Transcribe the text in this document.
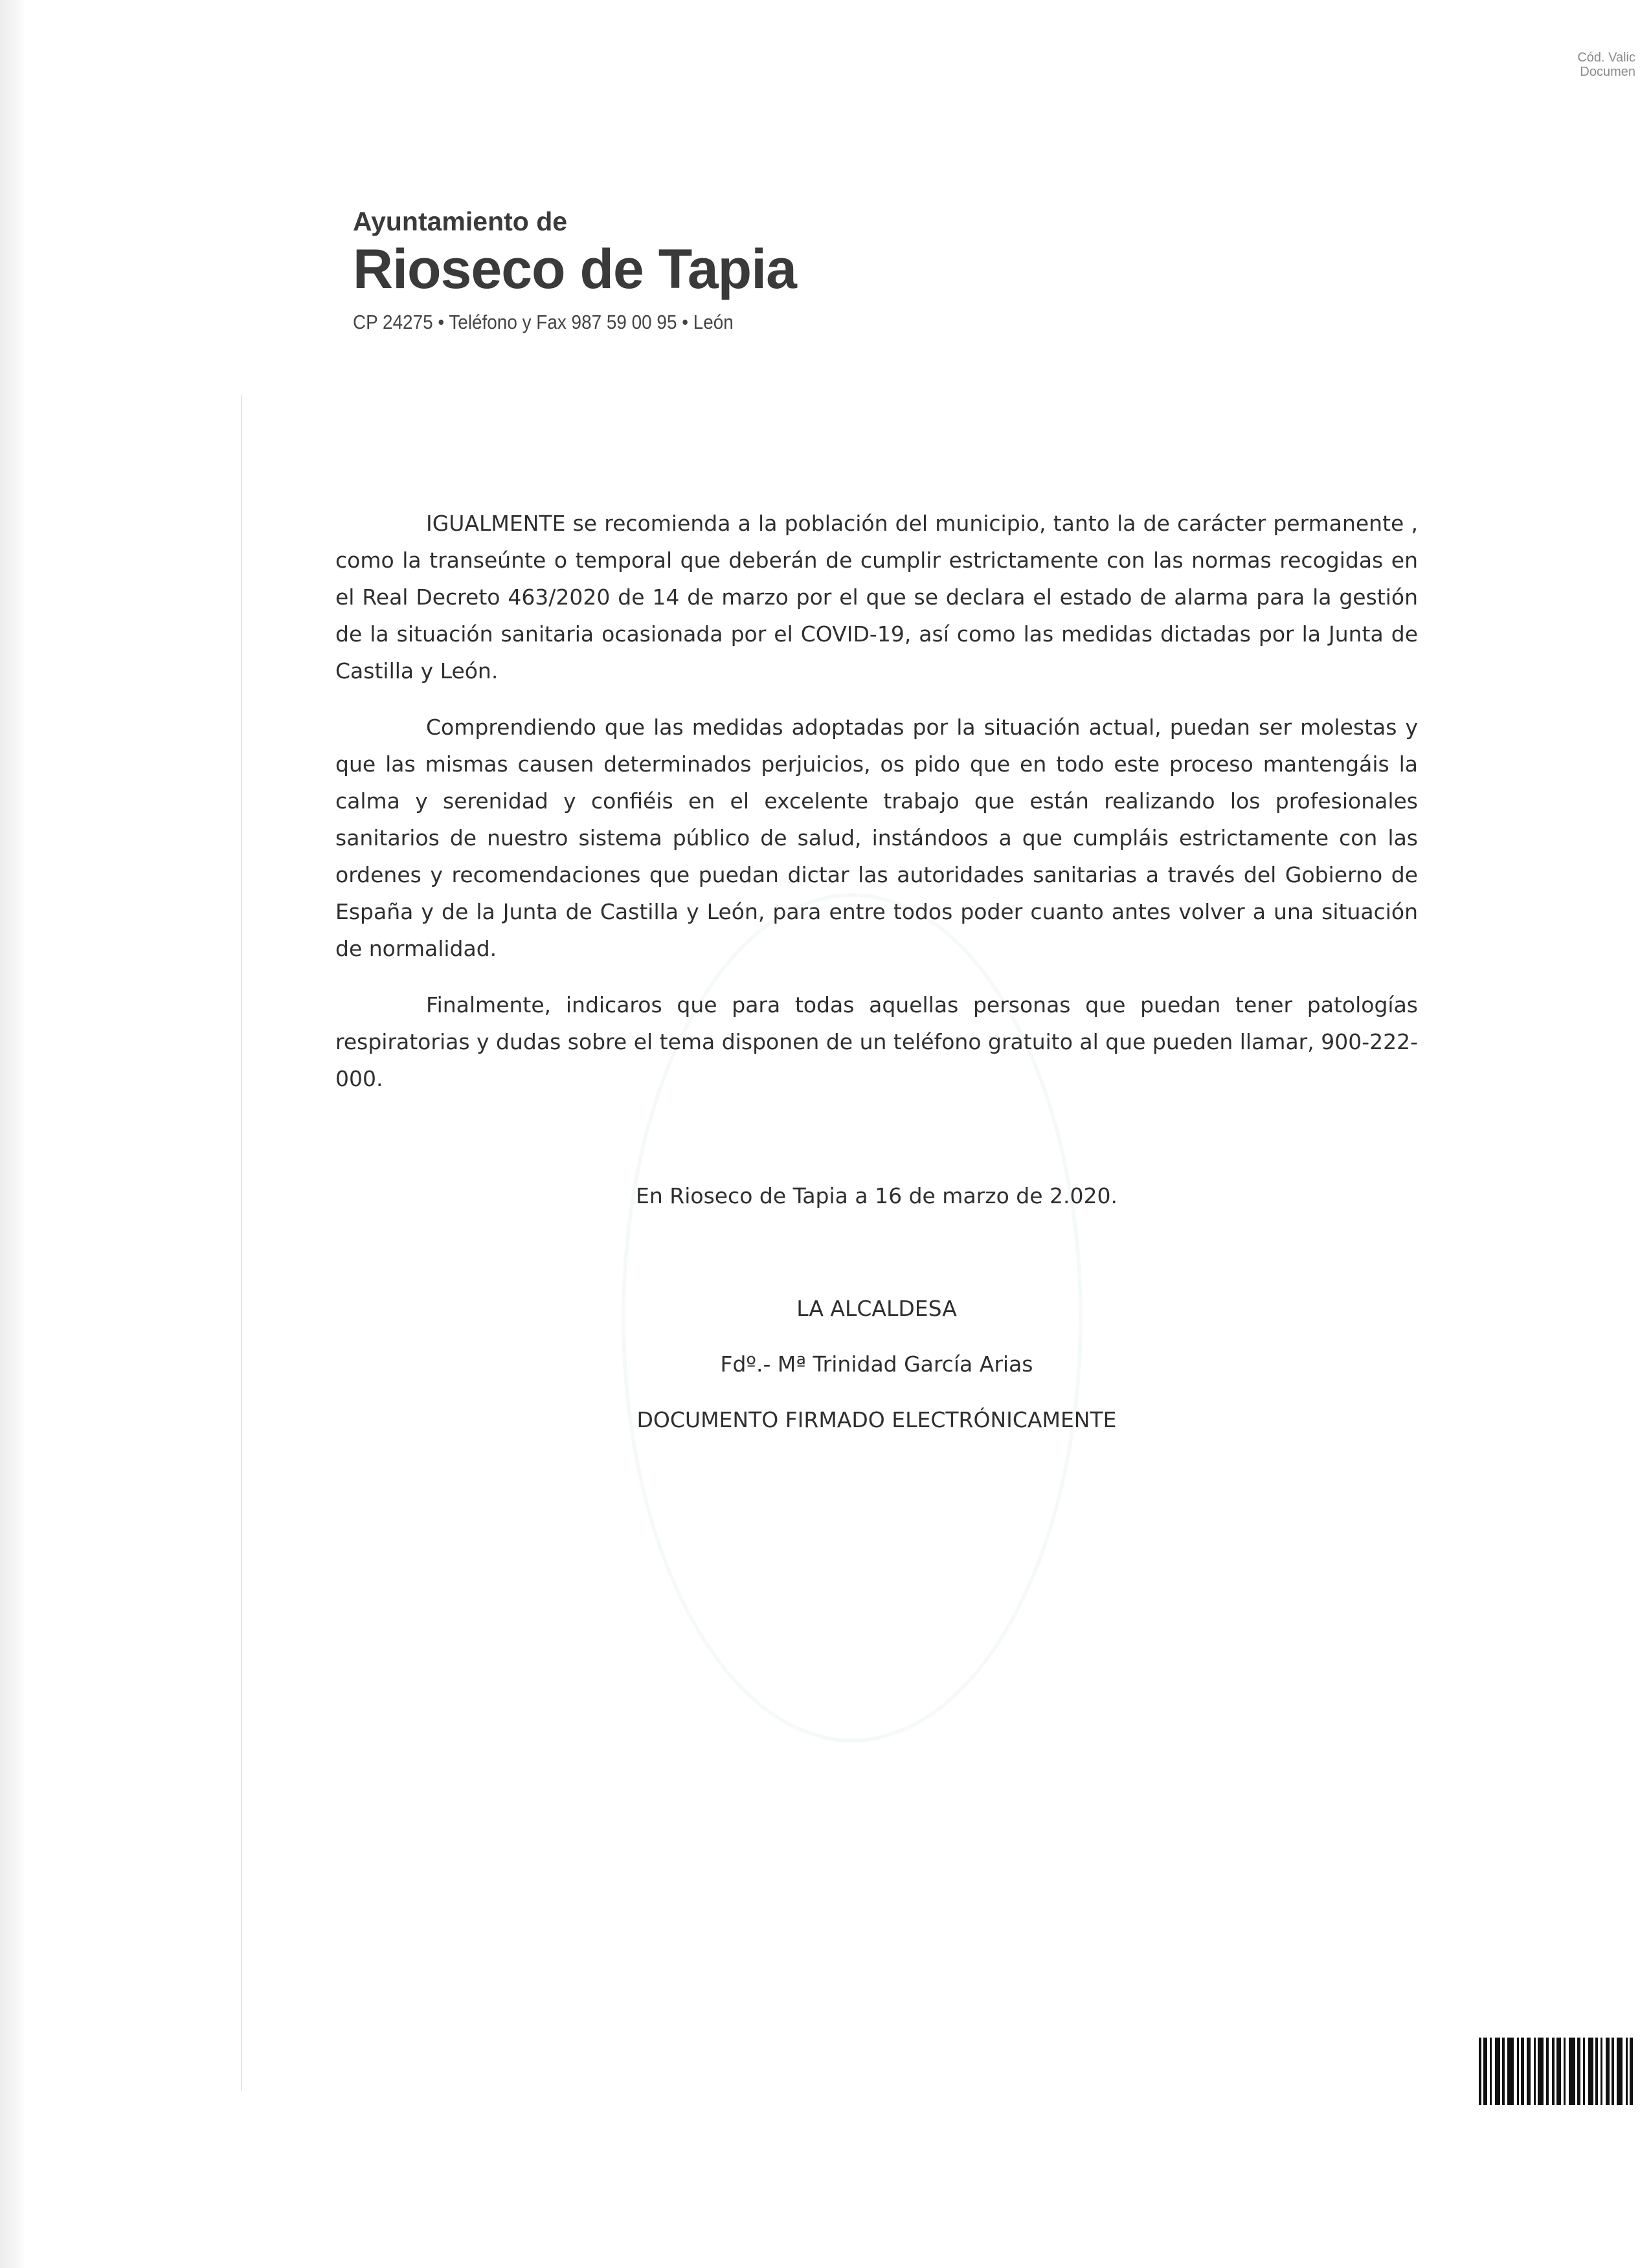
Cód. Valic
Documen

Ayuntamiento de

Rioseco de Tapia

CP 24275 • Teléfono y Fax 987 59 00 95 • León

IGUALMENTE se recomienda a la población del municipio, tanto la de carácter permanente , como la transeúnte o temporal que deberán de cumplir estrictamente con las normas recogidas en el Real Decreto 463/2020 de 14 de marzo por el que se declara el estado de alarma para la gestión de la situación sanitaria ocasionada por el COVID-19, así como las medidas dictadas por la Junta de Castilla y León.

Comprendiendo que las medidas adoptadas por la situación actual, puedan ser molestas y que las mismas causen determinados perjuicios, os pido que en todo este proceso mantengáis la calma y serenidad y confiéis en el excelente trabajo que están realizando los profesionales sanitarios de nuestro sistema público de salud, instándoos a que cumpláis estrictamente con las ordenes y recomendaciones que puedan dictar las autoridades sanitarias a través del Gobierno de España y de la Junta de Castilla y León, para entre todos poder cuanto antes volver a una situación de normalidad.

Finalmente, indicaros que para todas aquellas personas que puedan tener patologías respiratorias y dudas sobre el tema disponen de un teléfono gratuito al que pueden llamar, 900-222-000.

En Rioseco de Tapia a 16 de marzo de 2.020.
LA ALCALDESA
Fdº.- Mª Trinidad García Arias
DOCUMENTO FIRMADO ELECTRÓNICAMENTE
